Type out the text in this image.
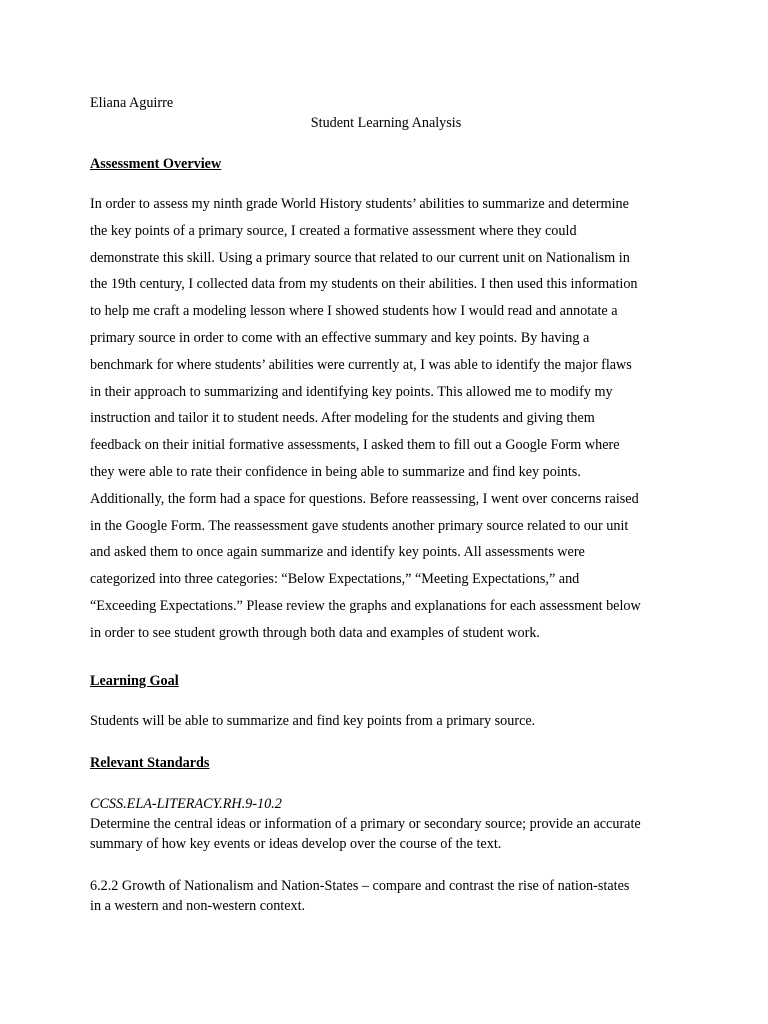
Eliana Aguirre
Student Learning Analysis
Assessment Overview

In order to assess my ninth grade World History students’ abilities to summarize and determine
the key points of a primary source, I created a formative assessment where they could
demonstrate this skill. Using a primary source that related to our current unit on Nationalism in
the 19th century, I collected data from my students on their abilities. I then used this information
to help me craft a modeling lesson where I showed students how I would read and annotate a
primary source in order to come with an effective summary and key points. By having a
benchmark for where students’ abilities were currently at, I was able to identify the major flaws
in their approach to summarizing and identifying key points. This allowed me to modify my
instruction and tailor it to student needs. After modeling for the students and giving them
feedback on their initial formative assessments, I asked them to fill out a Google Form where
they were able to rate their confidence in being able to summarize and find key points.
Additionally, the form had a space for questions. Before reassessing, I went over concerns raised
in the Google Form. The reassessment gave students another primary source related to our unit
and asked them to once again summarize and identify key points. All assessments were
categorized into three categories: “Below Expectations,” “Meeting Expectations,” and
“Exceeding Expectations.” Please review the graphs and explanations for each assessment below
in order to see student growth through both data and examples of student work.

Learning Goal

Students will be able to summarize and find key points from a primary source.

Relevant Standards

CCSS.ELA-LITERACY.RH.9-10.2
Determine the central ideas or information of a primary or secondary source; provide an accurate
summary of how key events or ideas develop over the course of the text.

6.2.2 Growth of Nationalism and Nation-States – compare and contrast the rise of nation-states
in a western and non-western context.
